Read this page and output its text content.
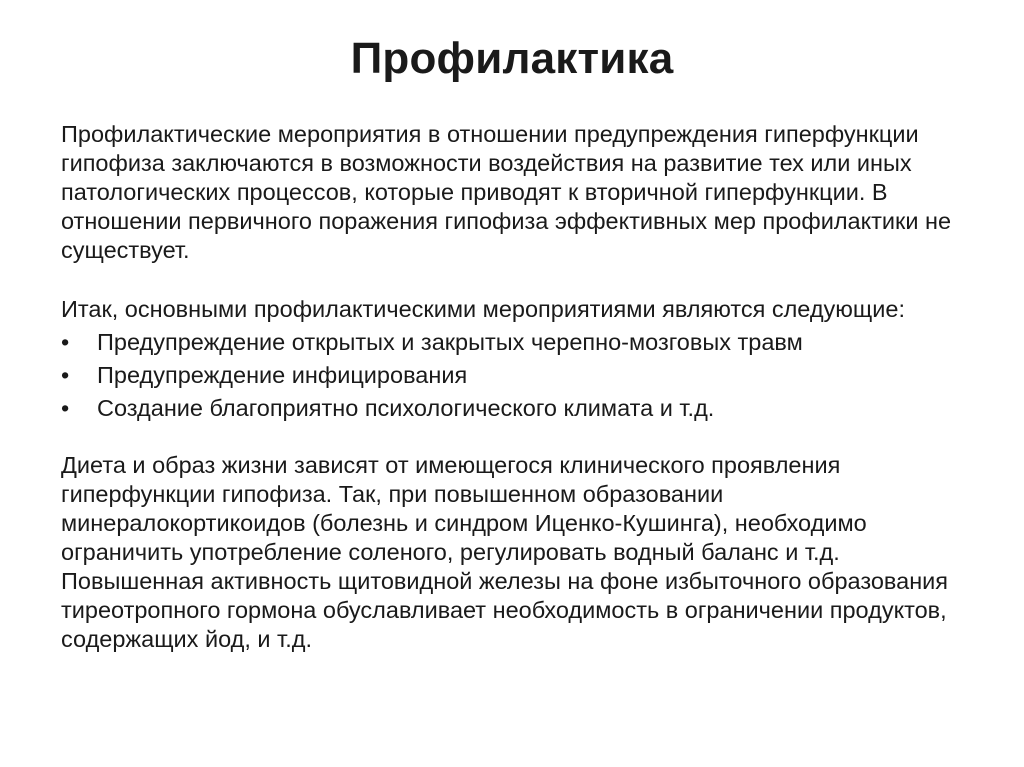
Профилактика

Профилактические мероприятия в отношении предупреждения гиперфункции гипофиза заключаются в возможности воздействия на развитие тех или иных патологических процессов, которые приводят к вторичной гиперфункции. В отношении первичного поражения гипофиза эффективных мер профилактики не существует.

Итак, основными профилактическими мероприятиями являются следующие:

• Предупреждение открытых и закрытых черепно-мозговых травм
• Предупреждение инфицирования
• Создание благоприятно психологического климата и т.д.

Диета и образ жизни зависят от имеющегося клинического проявления гиперфункции гипофиза. Так, при повышенном образовании минералокортикоидов (болезнь и синдром Иценко-Кушинга), необходимо ограничить употребление соленого, регулировать водный баланс и т.д. Повышенная активность щитовидной железы на фоне избыточного образования тиреотропного гормона обуславливает необходимость в ограничении продуктов, содержащих йод, и т.д.
